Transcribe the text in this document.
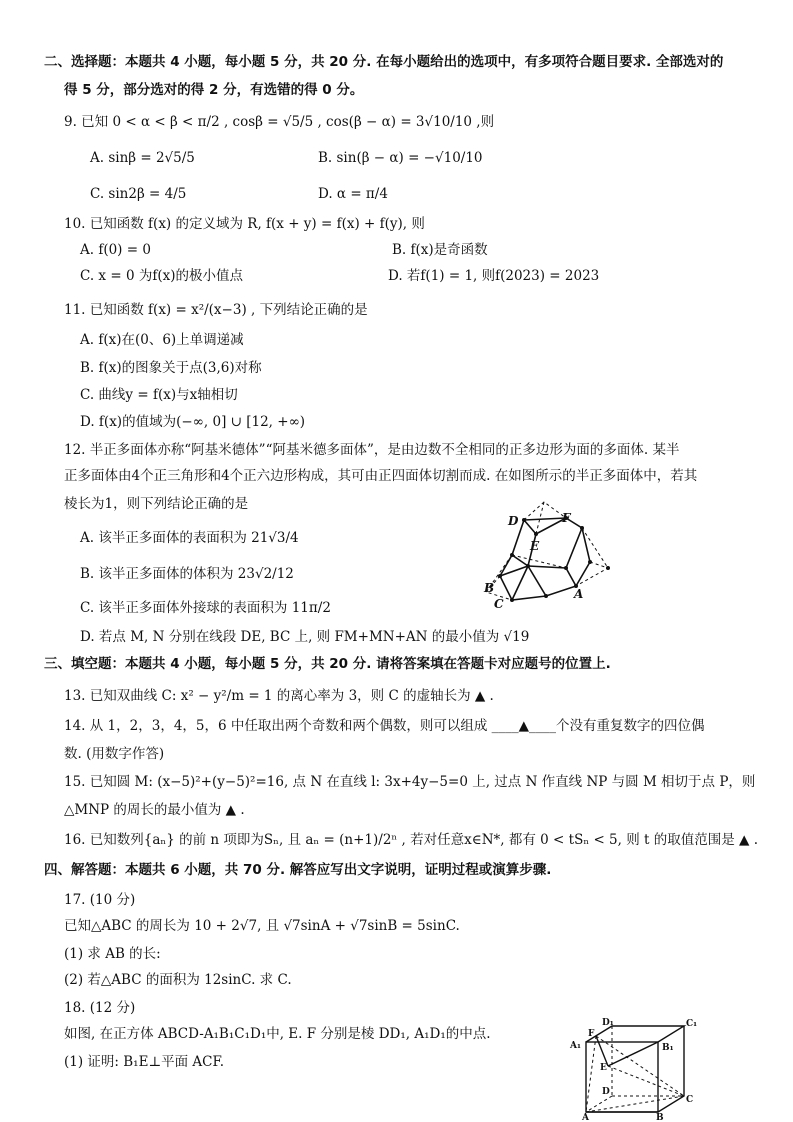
二、选择题：本题共 4 小题，每小题 5 分，共 20 分. 在每小题给出的选项中，有多项符合题目要求. 全部选对的
得 5 分，部分选对的得 2 分，有选错的得 0 分。
9. 已知 0 < α < β < π/2 , cosβ = √5/5 , cos(β − α) = 3√10/10 ,则
A. sinβ = 2√5/5	B. sin(β − α) = −√10/10
C. sin2β = 4/5	D. α = π/4
10. 已知函数 f(x) 的定义域为 R, f(x + y) = f(x) + f(y), 则
A. f(0) = 0	B. f(x)是奇函数
C. x = 0 为f(x)的极小值点	D. 若f(1) = 1, 则f(2023) = 2023
11. 已知函数 f(x) = x²/(x−3) , 下列结论正确的是
A. f(x)在(0、6)上单调递减
B. f(x)的图象关于点(3,6)对称
C. 曲线y = f(x)与x轴相切
D. f(x)的值域为(−∞, 0] ∪ [12, +∞)
12. 半正多面体亦称“阿基米德体”“阿基米德多面体”，是由边数不全相同的正多边形为面的多面体. 某半
正多面体由4个正三角形和4个正六边形构成，其可由正四面体切割而成. 在如图所示的半正多面体中，若其
棱长为1，则下列结论正确的是
A. 该半正多面体的表面积为 21√3/4
B. 该半正多面体的体积为 23√2/12
C. 该半正多面体外接球的表面积为 11π/2
D. 若点 M, N 分别在线段 DE, BC 上, 则 FM+MN+AN 的最小值为 √19
D	F
E
B
C
A
三、填空题：本题共 4 小题，每小题 5 分，共 20 分. 请将答案填在答题卡对应题号的位置上.
13. 已知双曲线 C: x² − y²/m = 1 的离心率为 3，则 C 的虚轴长为 ▲ .
14. 从 1，2，3，4，5，6 中任取出两个奇数和两个偶数，则可以组成 ____▲____个没有重复数字的四位偶
数. (用数字作答)
15. 已知圆 M: (x−5)²+(y−5)²=16, 点 N 在直线 l: 3x+4y−5=0 上, 过点 N 作直线 NP 与圆 M 相切于点 P，则
△MNP 的周长的最小值为 ▲ .
16. 已知数列{aₙ} 的前 n 项即为Sₙ, 且 aₙ = (n+1)/2ⁿ , 若对任意x∈N*, 都有 0 < tSₙ < 5, 则 t 的取值范围是 ▲ .
四、解答题：本题共 6 小题，共 70 分. 解答应写出文字说明，证明过程或演算步骤.
17. (10 分)
已知△ABC 的周长为 10 + 2√7, 且 √7sinA + √7sinB = 5sinC.
(1) 求 AB 的长:
(2) 若△ABC 的面积为 12sinC. 求 C.
18. (12 分)
如图, 在正方体 ABCD-A₁B₁C₁D₁中, E. F 分别是棱 DD₁, A₁D₁的中点.
(1) 证明: B₁E⊥平面 ACF.
D₁	C₁
F
A₁	B₁
E
D
C
A	B
